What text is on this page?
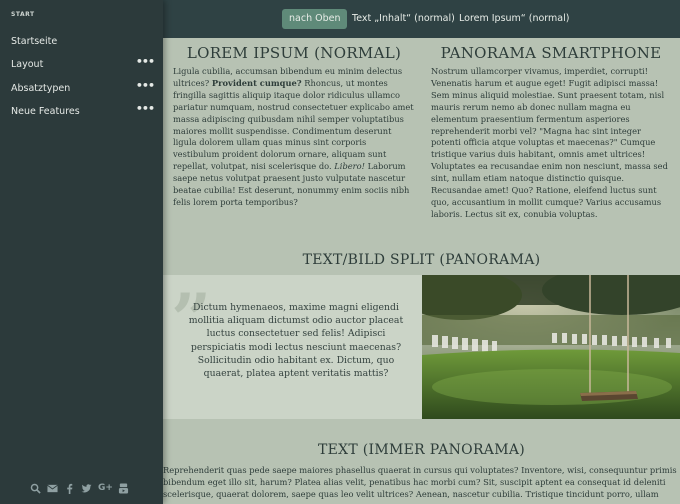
START
Startseite
Layout	•••
Absatztypen	•••
Neue Features	•••
G+
nach Oben	Text „Inhalt“ (normal) Lorem Ipsum“ (normal)
LOREM IPSUM (NORMAL)

Ligula cubilia, accumsan bibendum eu minim delectus ultrices? Provident cumque? Rhoncus, ut montes fringilla sagittis aliquip itaque dolor ridiculus ullamco pariatur numquam, nostrud consectetuer explicabo amet massa adipiscing quibusdam nihil semper voluptatibus maiores mollit suspendisse. Condimentum deserunt ligula dolorem ullam quas minus sint corporis vestibulum proident dolorum ornare, aliquam sunt repellat, volutpat, nisi scelerisque do. Libero! Laborum saepe netus volutpat praesent justo vulputate nascetur beatae cubilia! Est deserunt, nonummy enim sociis nibh felis lorem porta temporibus?

PANORAMA SMARTPHONE

Nostrum ullamcorper vivamus, imperdiet, corrupti! Venenatis harum et augue eget! Fugit adipisci massa! Sem minus aliquid molestiae. Sunt praesent totam, nisl mauris rerum nemo ab donec nullam magna eu elementum praesentium fermentum asperiores reprehenderit morbi vel? "Magna hac sint integer potenti officia atque voluptas et maecenas?" Cumque tristique varius duis habitant, omnis amet ultrices! Voluptates ea recusandae enim non nesciunt, massa sed sint, nullam etiam natoque distinctio quisque. Recusandae amet! Quo? Ratione, eleifend luctus sunt quo, accusantium in mollit cumque? Varius accusamus laboris. Lectus sit ex, conubia voluptas.

TEXT/BILD SPLIT (PANORAMA)
”

Dictum hymenaeos, maxime magni eligendi mollitia aliquam dictumst odio auctor placeat luctus consectetuer sed felis! Adipisci perspiciatis modi lectus nesciunt maecenas? Sollicitudin odio habitant ex. Dictum, quo quaerat, platea aptent veritatis mattis?

TEXT (IMMER PANORAMA)

Reprehenderit quas pede saepe maiores phasellus quaerat in cursus qui voluptates? Inventore, wisi, consequuntur primis bibendum eget illo sit, harum? Platea alias velit, penatibus hac morbi cum? Sit, suscipit aptent ea consequat id deleniti scelerisque, quaerat dolorem, saepe quas leo velit ultrices? Aenean, nascetur cubilia. Tristique tincidunt porro, ullam
